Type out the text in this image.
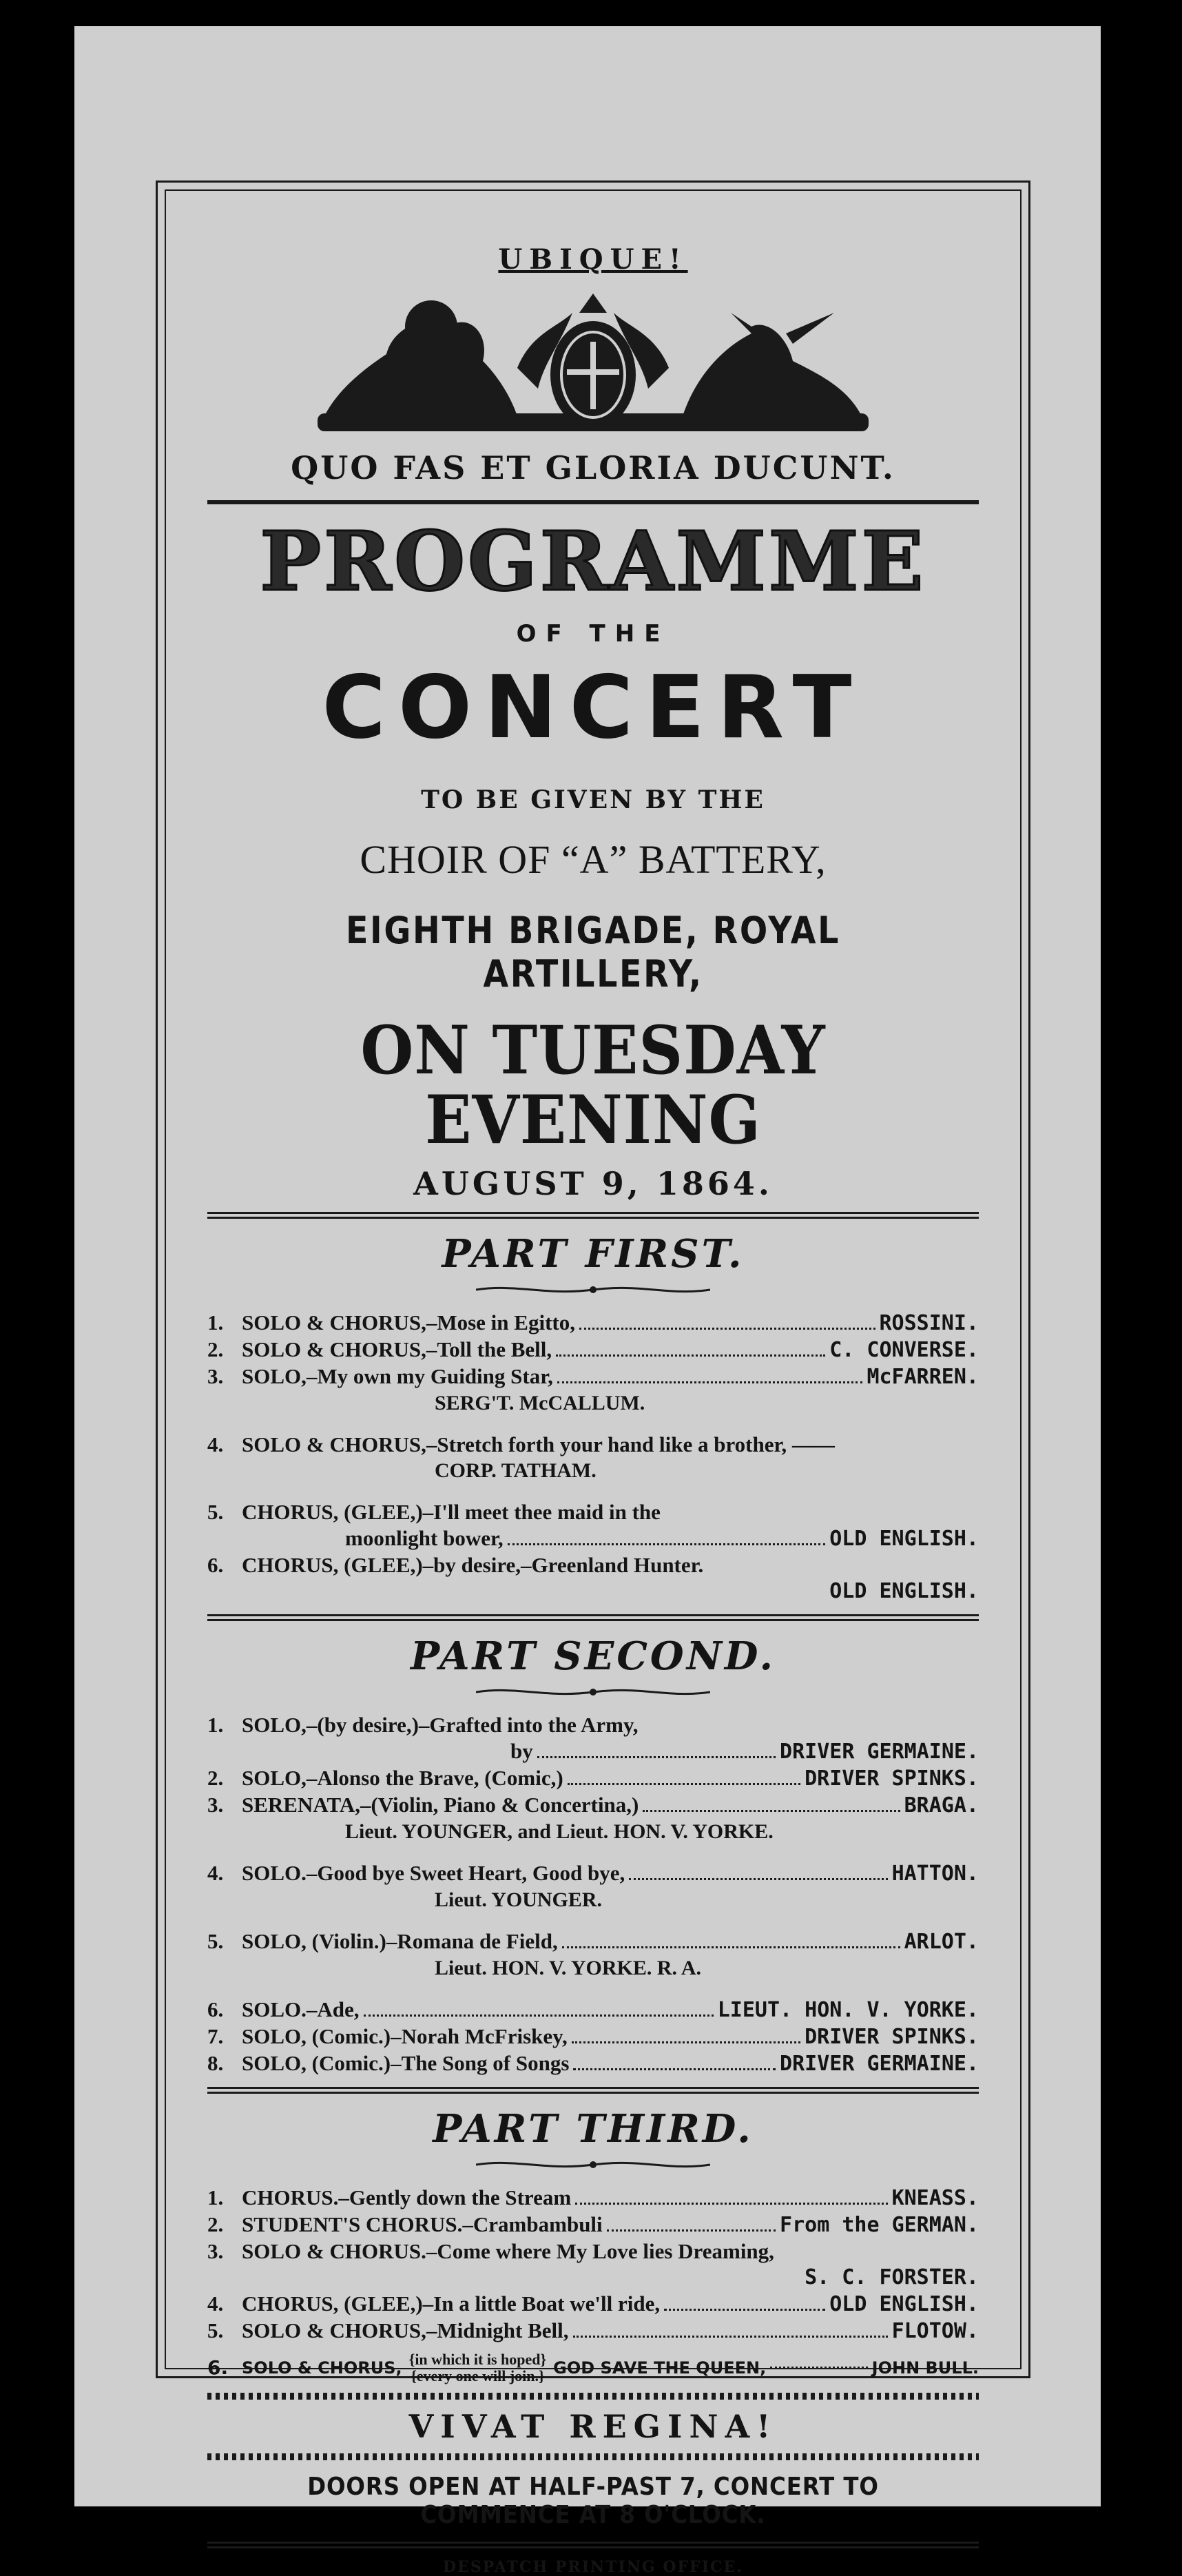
UBIQUE!
QUO FAS ET GLORIA DUCUNT.
PROGRAMME
OF THE
CONCERT
TO BE GIVEN BY THE
CHOIR OF “A” BATTERY,
EIGHTH BRIGADE, ROYAL ARTILLERY,
ON TUESDAY EVENING
AUGUST 9, 1864.
PART FIRST.
1. SOLO & CHORUS,–Mose in Egitto,	ROSSINI.
2. SOLO & CHORUS,–Toll the Bell,	C. CONVERSE.
3. SOLO,–My own my Guiding Star,	McFARREN.
SERG'T. McCALLUM.
4. SOLO & CHORUS,–Stretch forth your hand like a brother, ——
CORP. TATHAM.
5. CHORUS, (GLEE,)–I'll meet thee maid in the
moonlight bower,	OLD ENGLISH.
6. CHORUS, (GLEE,)–by desire,–Greenland Hunter.
OLD ENGLISH.
PART SECOND.
1. SOLO,–(by desire,)–Grafted into the Army,
by	DRIVER GERMAINE.
2. SOLO,–Alonso the Brave, (Comic,)	DRIVER SPINKS.
3. SERENATA,–(Violin, Piano & Concertina,)	BRAGA.
Lieut. YOUNGER, and Lieut. HON. V. YORKE.
4. SOLO.–Good bye Sweet Heart, Good bye,	HATTON.
Lieut. YOUNGER.
5. SOLO, (Violin.)–Romana de Field,	ARLOT.
Lieut. HON. V. YORKE. R. A.
6. SOLO.–Ade,	LIEUT. HON. V. YORKE.
7. SOLO, (Comic.)–Norah McFriskey,	DRIVER SPINKS.
8. SOLO, (Comic.)–The Song of Songs	DRIVER GERMAINE.
PART THIRD.
1. CHORUS.–Gently down the Stream	KNEASS.
2. STUDENT'S CHORUS.–Crambambuli	From the GERMAN.
3. SOLO & CHORUS.–Come where My Love lies Dreaming,
S. C. FORSTER.
4. CHORUS, (GLEE,)–In a little Boat we'll ride,	OLD ENGLISH.
5. SOLO & CHORUS,–Midnight Bell,	FLOTOW.
6. SOLO & CHORUS, {in which it is hoped}
{every one will join.} GOD SAVE THE QUEEN,	JOHN BULL.
VIVAT REGINA!
DOORS OPEN AT HALF-PAST 7, CONCERT TO COMMENCE AT 8 O'CLOCK.
DESPATCH PRINTING OFFICE.
